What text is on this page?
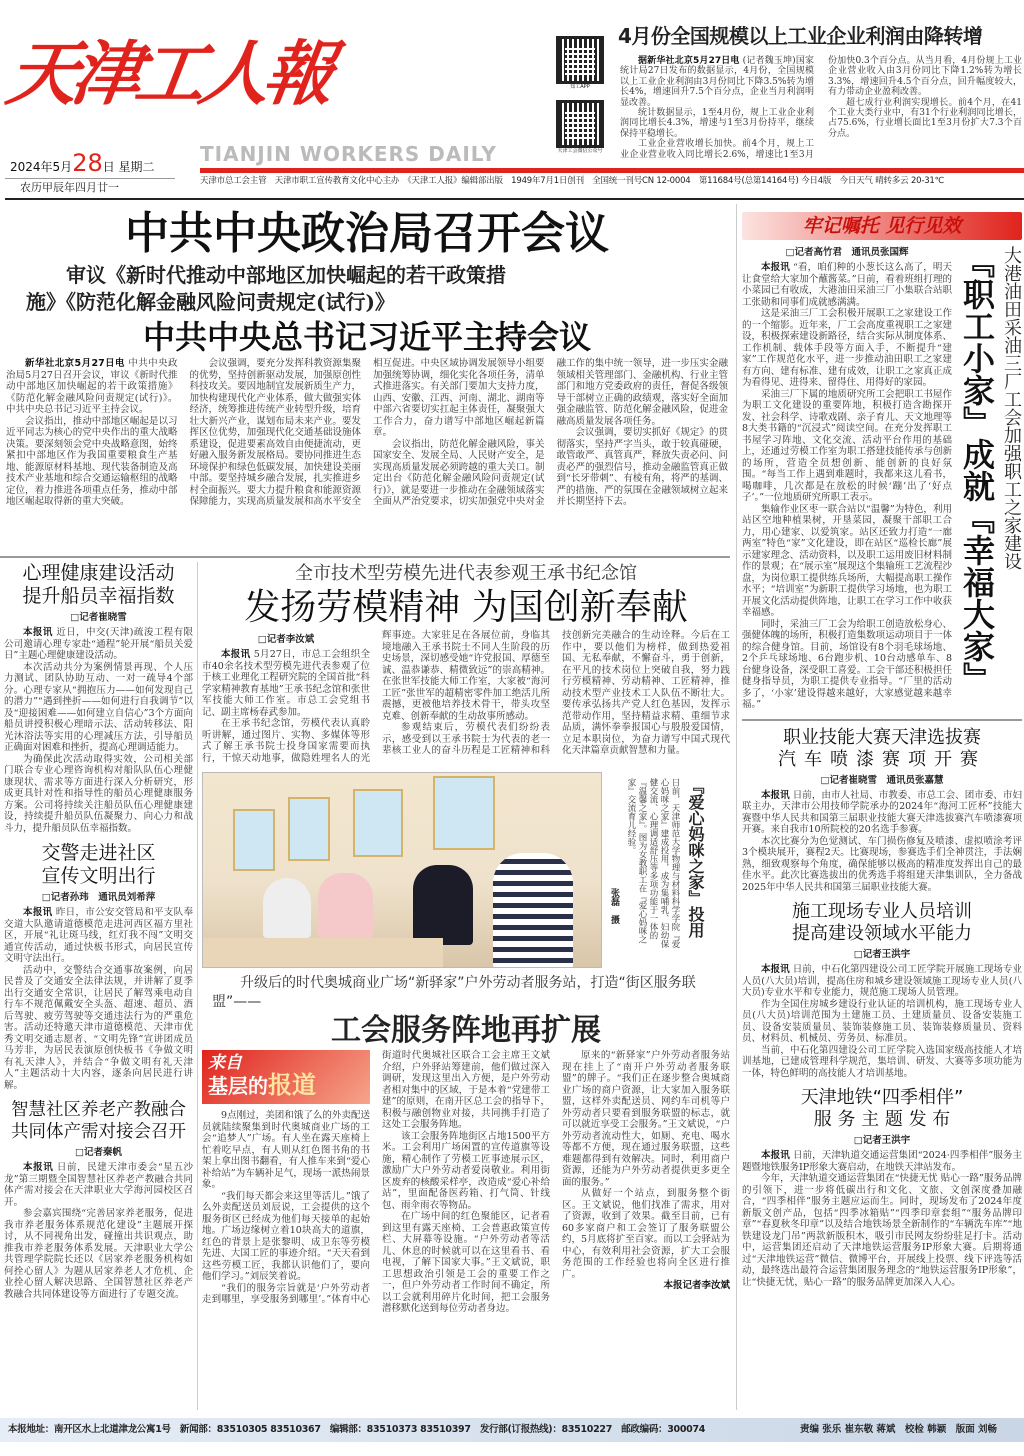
天津工人報
TIANJIN WORKERS DAILY
2024年5月28日 星期二
农历甲辰年四月廿一
知工APP
天津工会微信公众号
4月份全国规模以上工业企业利润由降转增

据新华社北京5月27日电 (记者魏玉坤)国家统计局27日发布的数据显示，4月份，全国规模以上工业企业利润由3月份同比下降3.5%转为增长4%，增速回升7.5个百分点，企业当月利润明显改善。

统计数据显示，1至4月份，规上工业企业利润同比增长4.3%，增速与1至3月份持平，继续保持平稳增长。

工业企业营收增长加快。前4个月，规上工业企业营业收入同比增长2.6%，增速比1至3月份加快0.3个百分点。从当月看，4月份规上工业企业营业收入由3月份同比下降1.2%转为增长3.3%，增速回升4.5个百分点，回升幅度较大，有力带动企业盈利改善。

超七成行业利润实现增长。前4个月，在41个工业大类行业中，有31个行业利润同比增长，占75.6%，行业增长面比1至3月份扩大7.3个百分点。

天津市总工会主管　天津市职工宣传教育文化中心主办　《天津工人报》编辑部出版　1949年7月1日创刊　全国统一刊号CN 12-0004　第11684号(总第14164号) 今日4版　今日天气 晴转多云 20-31℃
中共中央政治局召开会议
审议《新时代推动中部地区加快崛起的若干政策措施》《防范化解金融风险问责规定(试行)》
中共中央总书记习近平主持会议

新华社北京5月27日电 中共中央政治局5月27日召开会议，审议《新时代推动中部地区加快崛起的若干政策措施》《防范化解金融风险问责规定(试行)》。中共中央总书记习近平主持会议。

会议指出，推动中部地区崛起是以习近平同志为核心的党中央作出的重大战略决策。要深刻领会党中央战略意图，始终紧扣中部地区作为我国重要粮食生产基地、能源原材料基地、现代装备制造及高技术产业基地和综合交通运输枢纽的战略定位，着力推进各项重点任务，推动中部地区崛起取得新的重大突破。

会议强调，要充分发挥科教资源集聚的优势，坚持创新驱动发展，加强原创性科技攻关。要因地制宜发展新质生产力，加快构建现代化产业体系，做大做强实体经济，统筹推进传统产业转型升级，培育壮大新兴产业，谋划布局未来产业。要发挥区位优势，加强现代化交通基础设施体系建设，促进要素高效自由便捷流动，更好融入服务新发展格局。要协同推进生态环境保护和绿色低碳发展，加快建设美丽中部。要坚持城乡融合发展，扎实推进乡村全面振兴。要大力提升粮食和能源资源保障能力，实现高质量发展和高水平安全相互促进。中央区域协调发展领导小组要加强统筹协调，细化实化各项任务，清单式推进落实。有关部门要加大支持力度，山西、安徽、江西、河南、湖北、湖南等中部六省要切实扛起主体责任，凝聚强大工作合力，奋力谱写中部地区崛起新篇章。

会议指出，防范化解金融风险，事关国家安全、发展全局、人民财产安全，是实现高质量发展必须跨越的重大关口。制定出台《防范化解金融风险问责规定(试行)》，就是要进一步推动在金融领域落实全面从严治党要求，切实加强党中央对金融工作的集中统一领导，进一步压实金融领域相关管理部门、金融机构、行业主管部门和地方党委政府的责任，督促各级领导干部树立正确的政绩观，落实好全面加强金融监管、防范化解金融风险，促进金融高质量发展各项任务。

会议强调，要切实抓好《规定》的贯彻落实，坚持严字当头，敢于较真碰硬，敢管敢严、真管真严，释放失责必问、问责必严的强烈信号，推动金融监管真正做到“长牙带刺”、有棱有角，将严的基调、严的措施、严的氛围在金融领域树立起来并长期坚持下去。

心理健康建设活动
提升船员幸福指数
□记者崔晓雪

本报讯 近日，中交(天津)疏浚工程有限公司邀请心理专家赴“通程”轮开展“船员关爱日”主题心理健康建设活动。

本次活动共分为案例情景再现、个人压力测试、团队协助互动、一对一疏导4个部分。心理专家从“拥抱压力——如何发现自己的潜力”“遇到挫折——如何进行自我调节”以及“迎接困难——如何建立自信心”3个方面向船员讲授积极心理暗示法、活动转移法、阳光沐浴法等实用的心理减压方法，引导船员正确面对困难和挫折，提高心理调适能力。

为确保此次活动取得实效，公司相关部门联合专业心理咨询机构对船队队伍心理健康现状、需求等方面进行深入分析研究，形成更具针对性和指导性的船员心理健康服务方案。公司将持续关注船员队伍心理健康建设，持续提升船员队伍凝聚力、向心力和战斗力，提升船员队伍幸福指数。

交警走进社区
宣传文明出行
□记者孙玮　通讯员刘希萍

本报讯 昨日，市公安交管局和平支队奉交道大队邀请道德模范走进河西区福方里社区，开展“礼让斑马线，红灯我不闯”文明交通宣传活动，通过快板书形式，向居民宣传文明守法出行。

活动中，交警结合交通事故案例，向居民普及了交通安全法律法规，并讲解了夏季出行交通安全常识，让居民了解驾乘电动自行车不规范佩戴安全头盔、超速、超员、酒后驾驶、疲劳驾驶等交通违法行为的严重危害。活动还特邀天津市道德模范、天津市优秀文明交通志愿者、“文明先锋”宣讲团成员马芳非，为居民表演原创快板书《争做文明有礼天津人》，并结合“争做文明有礼天津人”主题活动十大内容，逐条向居民进行讲解。

智慧社区养老产教融合
共同体产需对接会召开
□记者秦帆

本报讯 日前，民建天津市委会“星五沙龙”第三期暨全国智慧社区养老产教融合共同体产需对接会在天津职业大学海河园校区召开。

参会嘉宾围绕“完善居家养老服务，促进我市养老服务体系规范化建设”主题展开探讨，从不同视角出发，碰撞出共识观点，助推我市养老服务体系发展。天津职业大学公共管理学院院长还以《居家养老服务机构如何拴心留人》为题从居家养老人才危机、企业拴心留人解决思路、全国智慧社区养老产教融合共同体建设等方面进行了专题交流。

全市技术型劳模先进代表参观王承书纪念馆
发扬劳模精神 为国创新奉献
□记者李汝斌

本报讯 5月27日，市总工会组织全市40余名技术型劳模先进代表参观了位于核工业理化工程研究院的全国首批“科学家精神教育基地”王承书纪念馆和张世军技能大师工作室。市总工会党组书记、副主席杨春武参加。

在王承书纪念馆，劳模代表认真聆听讲解，通过图片、实物、多媒体等形式了解王承书院士投身国家需要而执行，干惊天动地事，做隐姓埋名人的光辉事迹。大家驻足在各展位前，身临其境地融入王承书院士不同人生阶段的历史场景，深切感受她“许党报国、厚德至诚、温恭谦恭、精微致远”的崇高精神。在张世军技能大师工作室，大家被“海河工匠”张世军的超精密零件加工绝活儿所震撼，更被他培养技术骨干，带头攻坚克难、创新奉献的生动故事所感动。

参观结束后，劳模代表们纷纷表示，感受到以王承书院士为代表的老一辈核工业人的奋斗历程是工匠精神和科技创新完美融合的生动诠释。今后在工作中，要以他们为榜样，做到热爱祖国、无私奉献，不懈奋斗，勇于创新，在平凡的技术岗位上突破自我，努力践行劳模精神、劳动精神、工匠精神，推动技术型产业技术工人队伍不断壮大。要传承弘扬共产党人红色基因，发挥示范带动作用，坚持精益求精、重细节求品质，满怀拳拳报国心与殷殷爱国情，立足本职岗位，为奋力谱写中国式现代化天津篇章贡献智慧和力量。

『爱心妈咪之家』投用
日前，天津师范大学物理与材料科学学院『爱心妈咪之家』建成投用，成为集哺乳、妇幼保健交流、心理调适舒压等多项功能于一体的『温馨之家』。图为女教职工在『爱心妈咪之家』交流育儿经验。
张磊　摄
升级后的时代奥城商业广场“新驿家”户外劳动者服务站，打造“街区服务联盟”——
工会服务阵地再扩展
来自
基层的报道

9点刚过，美团和饿了么的外卖配送员就陆续聚集到时代奥城商业广场的工会“追梦人”广场。有人坐在露天座椅上忙着吃早点，有人则从红色图书角的书架上拿出图书翻看，有人推车来到“爱心补给站”为车辆补足气，现场一派热闹景象。

“我们每天都会来这里等活儿。”饿了么外卖配送员刘辰说，工会提供的这个服务街区已经成为他们每天接单的起始地。广场边缘树立着10块高大的道旗，红色的背景上是张黎明、成卫东等劳模先进、大国工匠的事迹介绍。“天天看到这些劳模工匠，我都认识他们了，要向他们学习。”刘辰笑着说。

“我们的服务宗旨就是‘户外劳动者走到哪里，享受服务到哪里’。”体育中心街道时代奥城社区联合工会主席王文斌介绍，户外驿站筹建前，他们做过深入调研，发现这里出入方便，是户外劳动者相对集中的区域，于是本着“党建带工建”的原则，在南开区总工会的指导下，积极与融创物业对接，共同携手打造了这处工会服务阵地。

该工会服务阵地街区占地1500平方米。工会利用广场闲置的宣传道旗等设施，精心制作了劳模工匠事迹展示区，激励广大户外劳动者爱岗敬业。利用街区废弃的核酸采样亭，改造成“爱心补给站”，里面配备医药箱、打气筒、针线包、雨伞雨衣等物品。

在广场中间的红色聚能区，记者看到这里有露天座椅、工会普惠政策宣传栏、大屏幕等设施。“户外劳动者等活儿、休息的时候就可以在这里看书、看电视，了解下国家大事。”王文斌说，职工思想政治引领是工会的重要工作之一，但户外劳动者工作时间不确定，所以工会就利用碎片化时间，把工会服务潜移默化送到每位劳动者身边。

原来的“新驿家”户外劳动者服务站现在挂上了“南开户外劳动者服务联盟”的牌子。“我们正在逐步整合奥城商业广场的商户资源，让大家加入服务联盟，这样外卖配送员、网约车司机等户外劳动者只要看到服务联盟的标志，就可以就近享受工会服务。”王文斌说，“户外劳动者流动性大，如厕、充电、喝水等都不方便，现在通过服务联盟，这些难题都得到有效解决。同时，利用商户资源，还能为户外劳动者提供更多更全面的服务。”

从做好一个站点，到服务整个街区。王文斌说，他们找准了需求，用对了资源，收到了效果。截至目前，已有60多家商户和工会签订了服务联盟公约，5月底将扩至百家。而以工会驿站为中心，有效利用社会资源，扩大工会服务范围的工作经验也将向全区进行推广。

本报记者李汝斌
牢记嘱托 见行见效
『职工小家』成就『幸福大家』 大港油田采油三厂工会加强职工之家建设
□记者高竹君　通讯员张国辉

本报讯 “看，咱们种的小葱长这么高了，明天让食堂给大家加个蘸酱菜。”日前，看着班组打理的小菜园已有收成，大港油田采油三厂小集联合站职工张勋和同事们成就感满满。

这是采油三厂工会积极开展职工之家建设工作的一个缩影。近年来，厂工会高度重视职工之家建设，积极探索建设新路径，结合实际从制度体系、工作机制、载体手段等方面入手，不断提升“建家”工作规范化水平，进一步推动油田职工之家建有方向、建有标准、建有成效，让职工之家真正成为看得见、进得来、留得住、用得好的家园。

采油三厂下属的地质研究所工会把职工书屋作为职工文化建设的重要阵地，积极打造含勘探开发、社会科学、诗歌戏剧、亲子育儿、天文地理等8大类书籍的“沉浸式”阅读空间。在充分发挥职工书屋学习阵地、文化交流、活动平台作用的基础上，还通过劳模工作室为职工搭建技能传承与创新的场所，营造全员想创新、能创新的良好氛围。“每当工作上遇到难题时，我都来这儿看书，喝咖啡，几次都是在放松的时候‘蹦’出了‘好点子’。”一位地质研究所职工表示。

集输作业区枣一联合站以“温馨”为特色，利用站区空地种植果树，开垦菜园，凝聚干部职工合力，用心建家、以爱筑家。站区还致力打造“一廊两室”特色“家”文化建设，即在站区“巡检长廊”展示建家理念、活动资料，以及职工运用废旧材料制作的景观；在“展示室”展现这个集输班工艺流程沙盘，为岗位职工提供练兵场所，大幅提高职工操作水平；“培训室”为新职工提供学习场地，也为职工开展文化活动提供阵地，让职工在学习工作中收获幸福感。

同时，采油三厂工会为给职工创造放松身心、强健体魄的场所，积极打造集数项运动项目于一体的综合健身馆。目前，场馆设有8个羽毛球场地、2个乒乓球场地、6台跑步机、10台动感单车、8台健身设备，深受职工喜爱。工会干部还积极担任健身指导员，为职工提供专业指导。“厂里的活动多了，‘小家’建设得越来越好，大家感觉越来越幸福。”

职业技能大赛天津选拔赛
汽车喷漆赛项开赛
□记者崔晓雪　通讯员张嘉慧

本报讯 日前，由市人社局、市教委、市总工会、团市委、市妇联主办，天津市公用技师学院承办的2024年“海河工匠杯”技能大赛暨中华人民共和国第三届职业技能大赛天津选拔赛汽车喷漆赛项开赛。来自我市10所院校的20名选手参赛。

本次比赛分为色觉测试、车门损伤修复及喷漆、虚拟喷涂考评3个模块展开，赛程2天。比赛现场，参赛选手们全神贯注，手法娴熟，细致观察每个角度，确保能够以极高的精准度发挥出自己的最佳水平。此次比赛选拔出的优秀选手将组建天津集训队，全力备战2025年中华人民共和国第三届职业技能大赛。

施工现场专业人员培训
提高建设领域水平能力
□记者王洪宇

本报讯 日前，中石化第四建设公司工匠学院开展施工现场专业人员(八大员)培训，提高住房和城乡建设领域施工现场专业人员(八大员)专业水平和专业能力，规范施工现场人员管理。

作为全国住房城乡建设行业认证的培训机构，施工现场专业人员(八大员)培训范围为土建施工员、土建质量员、设备安装施工员、设备安装质量员、装饰装修施工员、装饰装修质量员、资料员、材料员、机械员、劳务员、标准员。

当前，中石化第四建设公司工匠学院入选国家级高技能人才培训基地，已建成管理科学规范，集培训、研发、大赛等多项功能为一体，特色鲜明的高技能人才培训基地。

天津地铁“四季相伴”
服 务 主 题 发 布
□记者王洪宇

本报讯 日前，天津轨道交通运营集团“2024·四季相伴”服务主题暨地铁服务IP形象大赛启动，在地铁天津站发布。

今年，天津轨道交通运营集团在“快捷无忧 贴心一路”服务品牌的引领下，进一步将低碳出行和文化、文旅、文创深度叠加融合，“四季相伴”服务主题应运而生。同时，现场发布了2024年度新版文创产品，包括“四季冰箱贴”“四季印章套组”“服务品牌印章”“春夏秋冬印章”以及结合地铁场景全新制作的“车辆洗车库”“地铁建设龙门吊”两款新版积木，吸引市民网友纷纷驻足打卡。活动中，运营集团还启动了天津地铁运营服务IP形象大赛。后期将通过“天津地铁运营”微信、微博平台，开展线上投票、线下评选等活动，最终选出最符合运营集团服务理念的“地铁运营服务IP形象”，让“快捷无忧，贴心一路”的服务品牌更加深入人心。

本报地址：南开区水上北道津龙公寓1号　新闻部：83510305 83510367　编辑部：83510373 83510397　发行部(订报热线)：83510227　邮政编码：300074	责编 张乐 崔东敬 蒋斌　校检 韩颖　版面 刘畅
